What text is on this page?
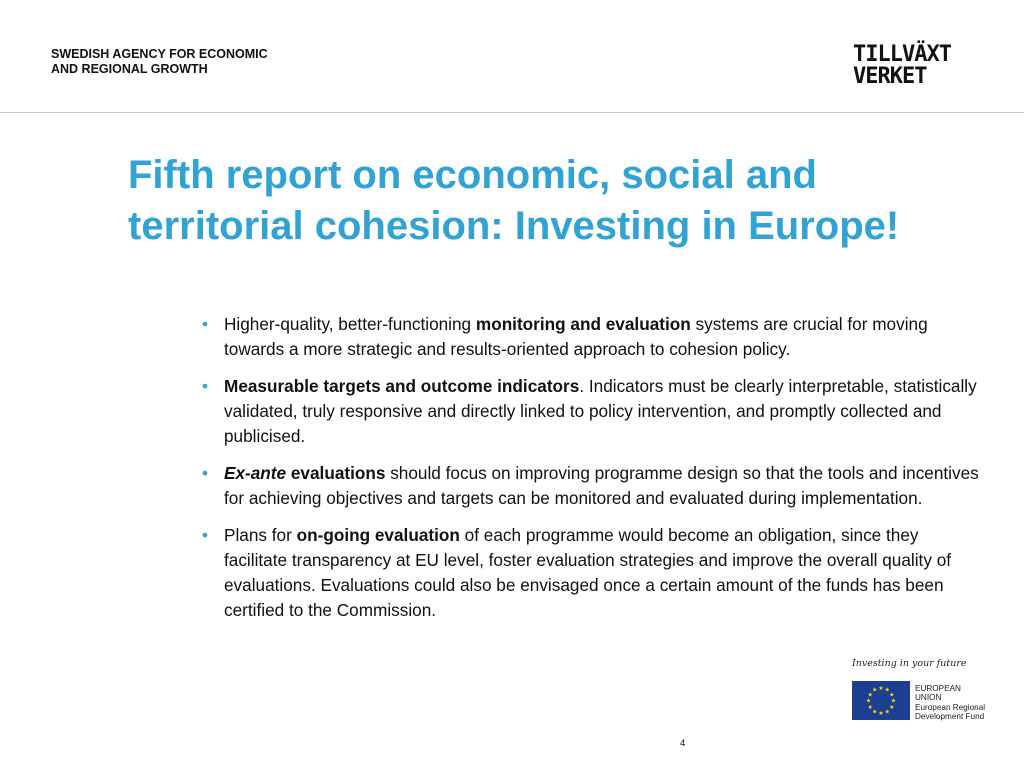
SWEDISH AGENCY FOR ECONOMIC
AND REGIONAL GROWTH
TILLVÄXT
VERKET
Fifth report on economic, social and territorial cohesion: Investing in Europe!
• Higher-quality, better-functioning monitoring and evaluation systems are crucial for moving towards a more strategic and results-oriented approach to cohesion policy.
• Measurable targets and outcome indicators. Indicators must be clearly interpretable, statistically validated, truly responsive and directly linked to policy intervention, and promptly collected and publicised.
• Ex-ante evaluations should focus on improving programme design so that the tools and incentives for achieving objectives and targets can be monitored and evaluated during implementation.
• Plans for on-going evaluation of each programme would become an obligation, since they facilitate transparency at EU level, foster evaluation strategies and improve the overall quality of evaluations. Evaluations could also be envisaged once a certain amount of the funds has been certified to the Commission.
Investing in your future
★ ★
★
★
★
★
★
★
★
★
★
★	EUROPEAN
UNION
European Regional
Development Fund
4
